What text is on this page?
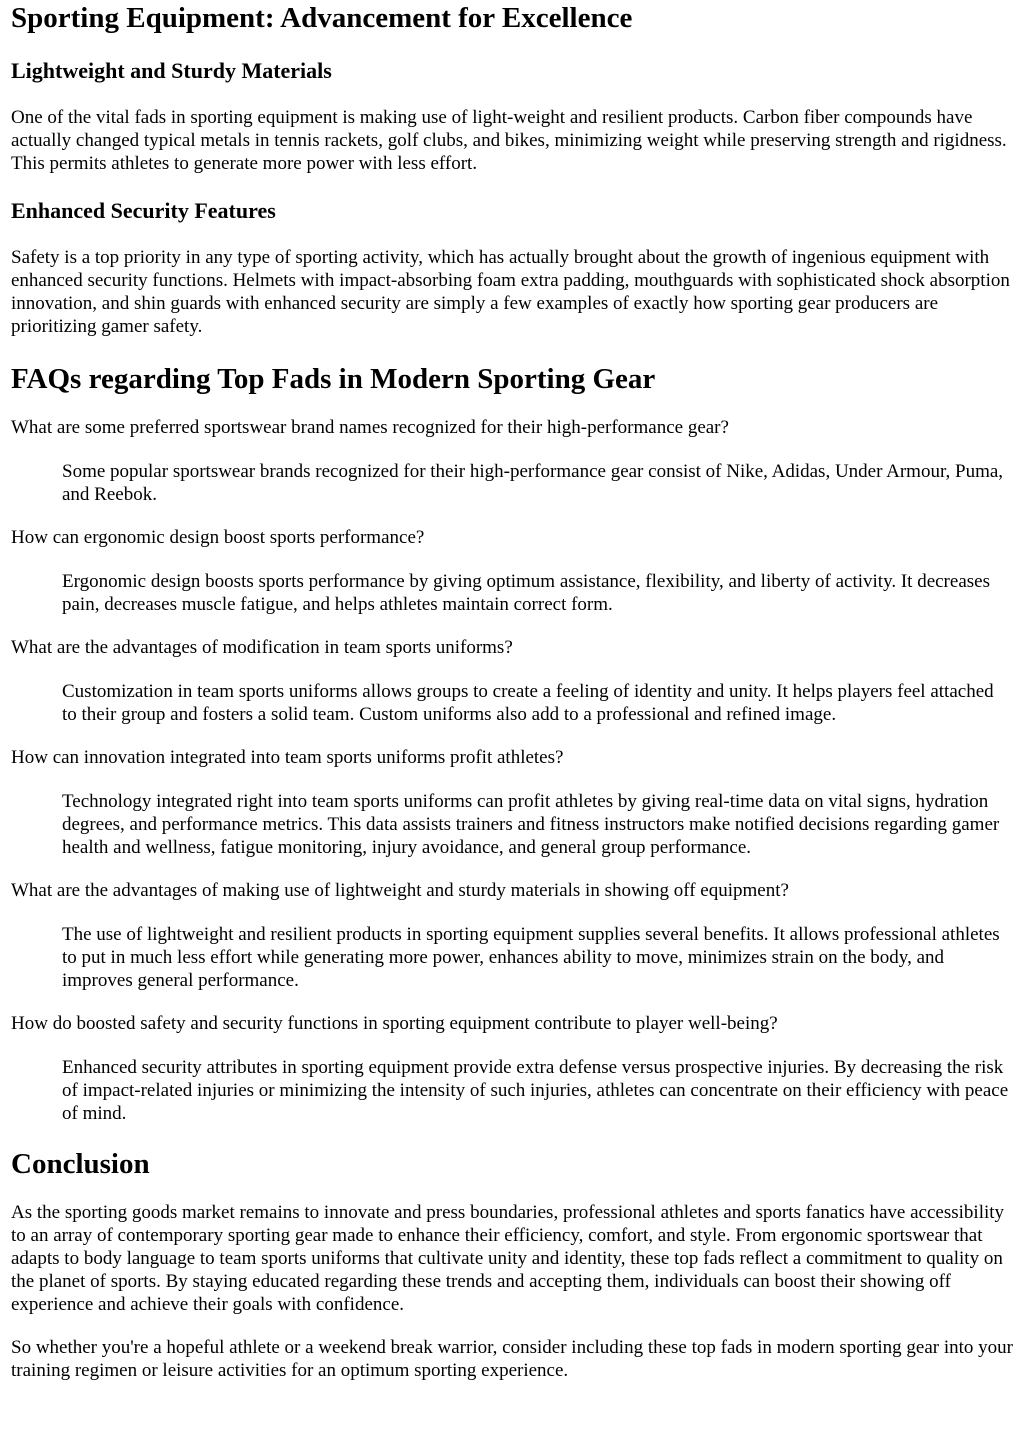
Sporting Equipment: Advancement for Excellence
Lightweight and Sturdy Materials

One of the vital fads in sporting equipment is making use of light-weight and resilient products. Carbon fiber compounds have actually changed typical metals in tennis rackets, golf clubs, and bikes, minimizing weight while preserving strength and rigidness. This permits athletes to generate more power with less effort.

Enhanced Security Features

Safety is a top priority in any type of sporting activity, which has actually brought about the growth of ingenious equipment with enhanced security functions. Helmets with impact-absorbing foam extra padding, mouthguards with sophisticated shock absorption innovation, and shin guards with enhanced security are simply a few examples of exactly how sporting gear producers are prioritizing gamer safety.

FAQs regarding Top Fads in Modern Sporting Gear
What are some preferred sportswear brand names recognized for their high-performance gear?
Some popular sportswear brands recognized for their high-performance gear consist of Nike, Adidas, Under Armour, Puma, and Reebok.
How can ergonomic design boost sports performance?
Ergonomic design boosts sports performance by giving optimum assistance, flexibility, and liberty of activity. It decreases pain, decreases muscle fatigue, and helps athletes maintain correct form.
What are the advantages of modification in team sports uniforms?
Customization in team sports uniforms allows groups to create a feeling of identity and unity. It helps players feel attached to their group and fosters a solid team. Custom uniforms also add to a professional and refined image.
How can innovation integrated into team sports uniforms profit athletes?
Technology integrated right into team sports uniforms can profit athletes by giving real-time data on vital signs, hydration degrees, and performance metrics. This data assists trainers and fitness instructors make notified decisions regarding gamer health and wellness, fatigue monitoring, injury avoidance, and general group performance.
What are the advantages of making use of lightweight and sturdy materials in showing off equipment?
The use of lightweight and resilient products in sporting equipment supplies several benefits. It allows professional athletes to put in much less effort while generating more power, enhances ability to move, minimizes strain on the body, and improves general performance.
How do boosted safety and security functions in sporting equipment contribute to player well-being?
Enhanced security attributes in sporting equipment provide extra defense versus prospective injuries. By decreasing the risk of impact-related injuries or minimizing the intensity of such injuries, athletes can concentrate on their efficiency with peace of mind.
Conclusion

As the sporting goods market remains to innovate and press boundaries, professional athletes and sports fanatics have accessibility to an array of contemporary sporting gear made to enhance their efficiency, comfort, and style. From ergonomic sportswear that adapts to body language to team sports uniforms that cultivate unity and identity, these top fads reflect a commitment to quality on the planet of sports. By staying educated regarding these trends and accepting them, individuals can boost their showing off experience and achieve their goals with confidence.

So whether you're a hopeful athlete or a weekend break warrior, consider including these top fads in modern sporting gear into your training regimen or leisure activities for an optimum sporting experience.
